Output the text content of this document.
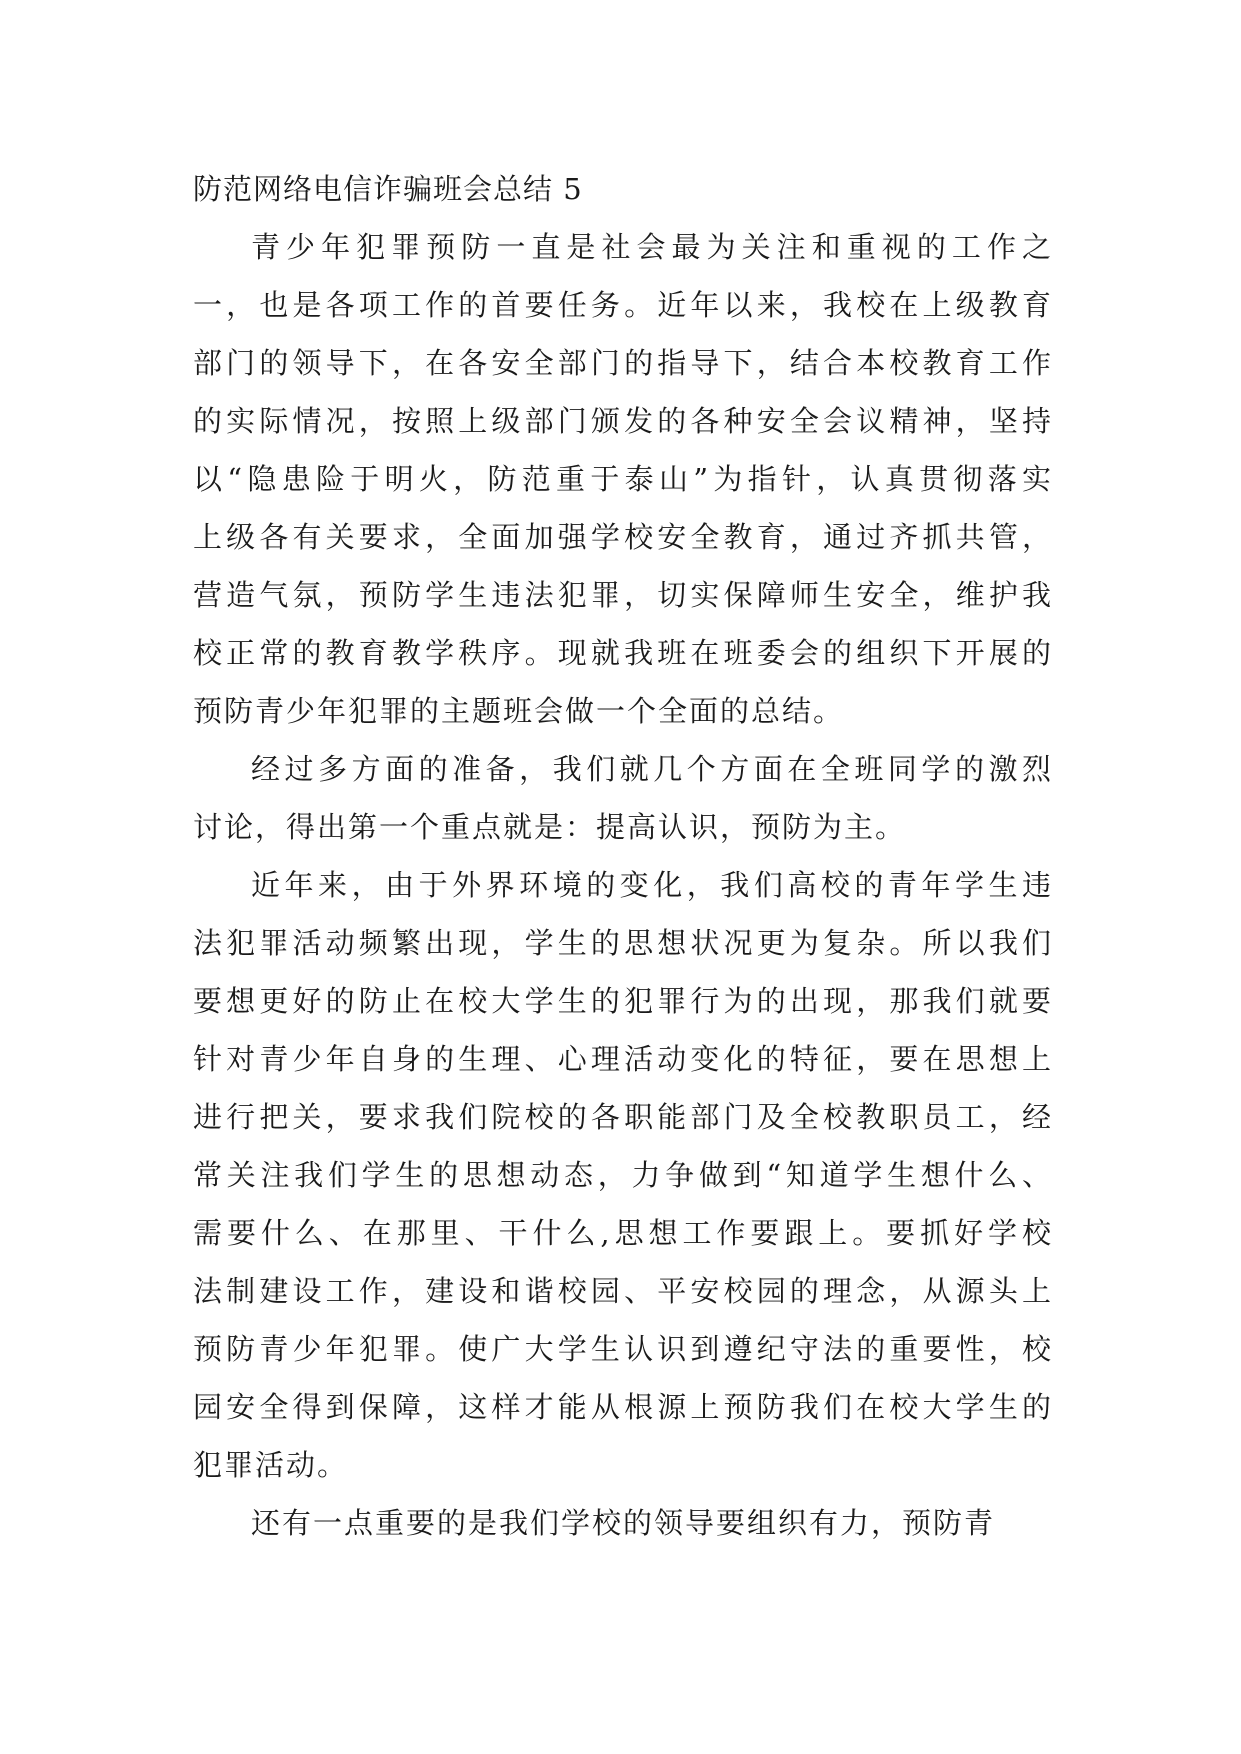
防范网络电信诈骗班会总结 5
青少年犯罪预防一直是社会最为关注和重视的工作之
一，也是各项工作的首要任务。近年以来，我校在上级教育
部门的领导下，在各安全部门的指导下，结合本校教育工作
的实际情况，按照上级部门颁发的各种安全会议精神，坚持
以“隐患险于明火，防范重于泰山”为指针，认真贯彻落实
上级各有关要求，全面加强学校安全教育，通过齐抓共管，
营造气氛，预防学生违法犯罪，切实保障师生安全，维护我
校正常的教育教学秩序。现就我班在班委会的组织下开展的
预防青少年犯罪的主题班会做一个全面的总结。
经过多方面的准备，我们就几个方面在全班同学的激烈
讨论，得出第一个重点就是：提高认识，预防为主。
近年来，由于外界环境的变化，我们高校的青年学生违
法犯罪活动频繁出现，学生的思想状况更为复杂。所以我们
要想更好的防止在校大学生的犯罪行为的出现，那我们就要
针对青少年自身的生理、心理活动变化的特征，要在思想上
进行把关，要求我们院校的各职能部门及全校教职员工，经
常关注我们学生的思想动态，力争做到“知道学生想什么、
需要什么、在那里、干什么,思想工作要跟上。要抓好学校
法制建设工作，建设和谐校园、平安校园的理念，从源头上
预防青少年犯罪。使广大学生认识到遵纪守法的重要性，校
园安全得到保障，这样才能从根源上预防我们在校大学生的
犯罪活动。
还有一点重要的是我们学校的领导要组织有力，预防青
